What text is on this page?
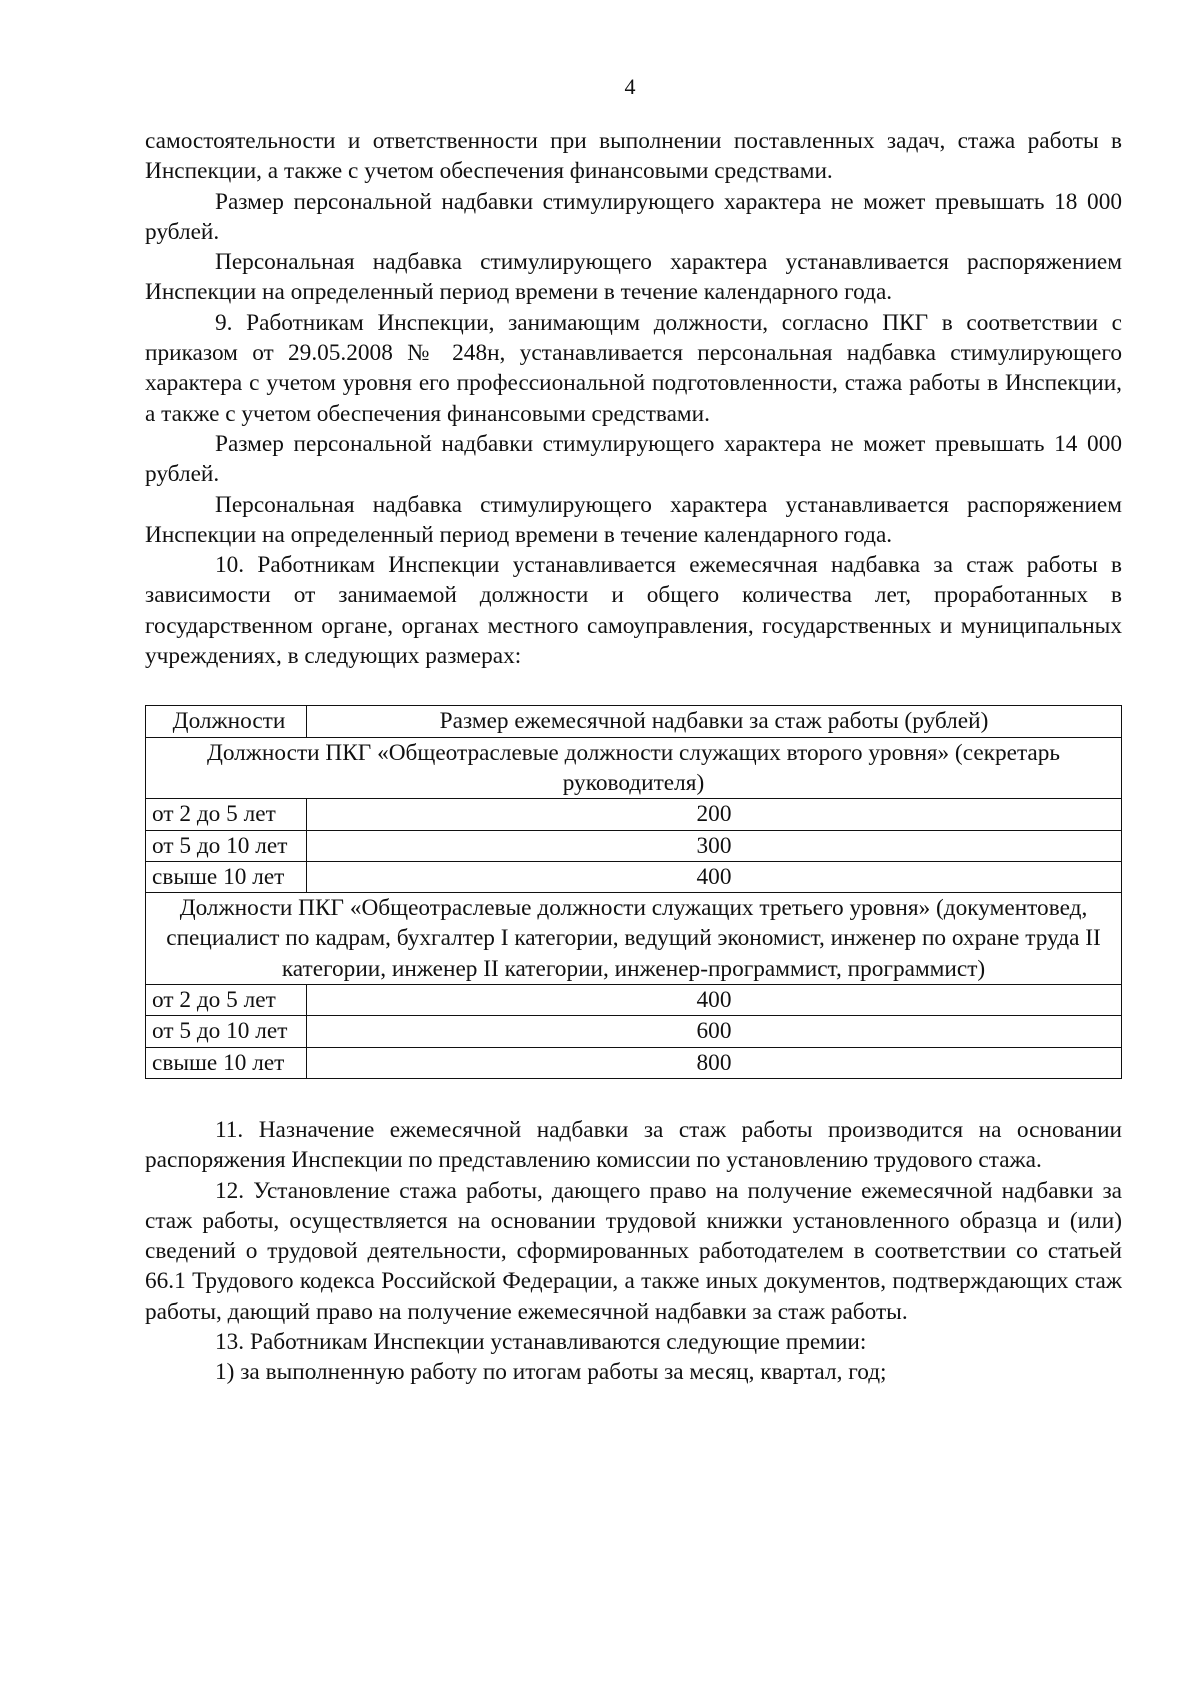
4

самостоятельности и ответственности при выполнении поставленных задач, стажа работы в Инспекции, а также с учетом обеспечения финансовыми средствами.

Размер персональной надбавки стимулирующего характера не может превышать 18 000 рублей.

Персональная надбавка стимулирующего характера устанавливается распоряжением Инспекции на определенный период времени в течение календарного года.

9. Работникам Инспекции, занимающим должности, согласно ПКГ в соответствии с приказом от 29.05.2008 № 248н, устанавливается персональная надбавка стимулирующего характера с учетом уровня его профессиональной подготовленности, стажа работы в Инспекции, а также с учетом обеспечения финансовыми средствами.

Размер персональной надбавки стимулирующего характера не может превышать 14 000 рублей.

Персональная надбавка стимулирующего характера устанавливается распоряжением Инспекции на определенный период времени в течение календарного года.

10. Работникам Инспекции устанавливается ежемесячная надбавка за стаж работы в зависимости от занимаемой должности и общего количества лет, проработанных в государственном органе, органах местного самоуправления, государственных и муниципальных учреждениях, в следующих размерах:

Должности	Размер ежемесячной надбавки за стаж работы (рублей)
Должности ПКГ «Общеотраслевые должности служащих второго уровня» (секретарь руководителя)	
от 2 до 5 лет	200
от 5 до 10 лет	300
свыше 10 лет	400
Должности ПКГ «Общеотраслевые должности служащих третьего уровня» (документовед, специалист по кадрам, бухгалтер I категории, ведущий экономист, инженер по охране труда II категории, инженер II категории, инженер-программист, программист)	
от 2 до 5 лет	400
от 5 до 10 лет	600
свыше 10 лет	800

11. Назначение ежемесячной надбавки за стаж работы производится на основании распоряжения Инспекции по представлению комиссии по установлению трудового стажа.

12. Установление стажа работы, дающего право на получение ежемесячной надбавки за стаж работы, осуществляется на основании трудовой книжки установленного образца и (или) сведений о трудовой деятельности, сформированных работодателем в соответствии со статьей 66.1 Трудового кодекса Российской Федерации, а также иных документов, подтверждающих стаж работы, дающий право на получение ежемесячной надбавки за стаж работы.

13. Работникам Инспекции устанавливаются следующие премии:

1) за выполненную работу по итогам работы за месяц, квартал, год;
